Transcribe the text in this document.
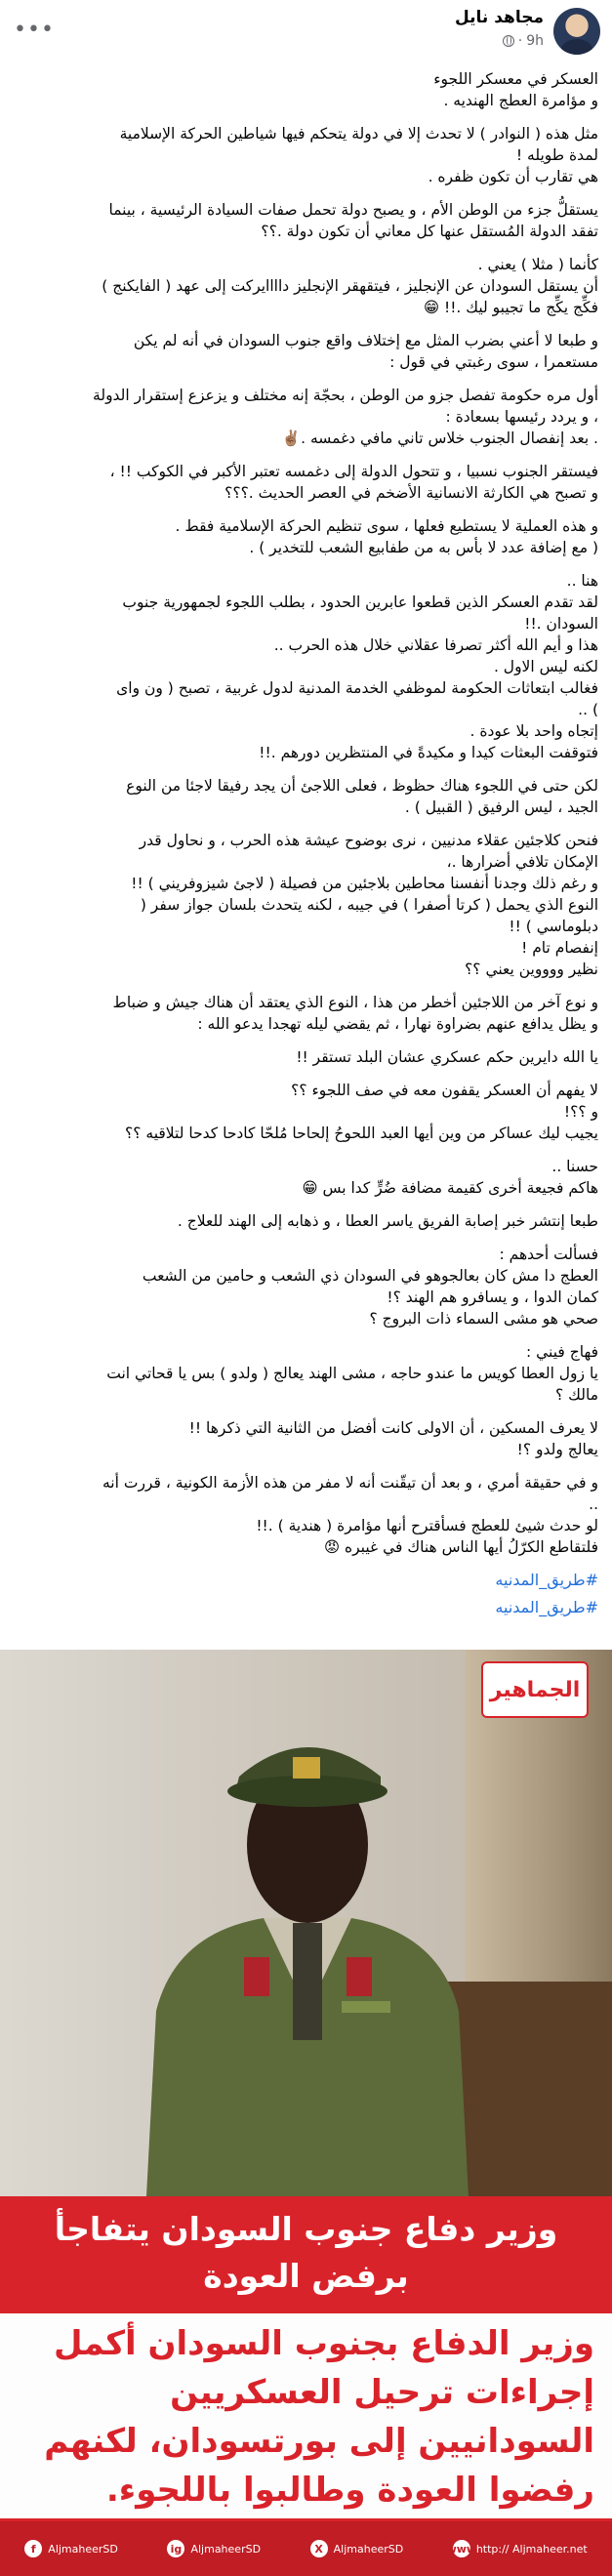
مجاهد نايل
9h
·
•••
العسكر في معسكر اللجوء
و مؤامرة العطج الهنديه .
مثل هذه ( النوادر ) لا تحدث إلا في دولة يتحكم فيها شياطين الحركة الإسلامية
لمدة طويله !
هي تقارب أن تكون ظفره .
يستقلُّ جزء من الوطن الأم ، و يصبح دولة تحمل صفات السيادة الرئيسية ، بينما
تفقد الدولة المُستقل عنها كل معاني أن تكون دولة .؟؟
كأنما ( مثلا ) يعني .
أن يستقل السودان عن الإنجليز ، فيتقهقر الإنجليز داااايركت إلى عهد ( الفايكنج )
فكِّج يكِّج ما تجيبو ليك .!! 😁
و طبعا لا أعني بضرب المثل مع إختلاف واقع جنوب السودان في أنه لم يكن
مستعمرا ، سوى رغبتي في قول :
أول مره حكومة تفصل جزو من الوطن ، بحجّة إنه مختلف و يزعزع إستقرار الدولة
، و يردد رئيسها بسعادة :
. بعد إنفصال الجنوب خلاس تاني مافي دغمسه .✌🏽
فيستقر الجنوب نسبيا ، و تتحول الدولة إلى دغمسه تعتبر الأكبر في الكوكب !! ،
و تصبح هي الكارثة الانسانية الأضخم في العصر الحديث .؟؟؟
و هذه العملية لا يستطيع فعلها ، سوى تنظيم الحركة الإسلامية فقط .
( مع إضافة عدد لا بأس به من طفابيع الشعب للتخدير ) .
هنا ..
لقد تقدم العسكر الذين قطعوا عابرين الحدود ، بطلب اللجوء لجمهورية جنوب
السودان .!!
هذا و أيم الله أكثر تصرفا عقلاني خلال هذه الحرب ..
لكنه ليس الاول .
فغالب ابتعاثات الحكومة لموظفي الخدمة المدنية لدول غربية ، تصبح ( ون واى
) ..
إتجاه واحد بلا عودة .
فتوقفت البعثات كيدا و مكيدةً في المنتظرين دورهم .!!
لكن حتى في اللجوء هناك حظوظ ، فعلى اللاجئ أن يجد رفيقا لاجئا من النوع
الجيد ، ليس الرفيق ( القبيل ) .
فنحن كلاجئين عقلاء مدنيين ، نرى بوضوح عيشة هذه الحرب ، و نحاول قدر
الإمكان تلافي أضرارها .،
و رغم ذلك وجدنا أنفسنا محاطين بلاجئين من فصيلة ( لاجئ شيزوفريني ) !!
النوع الذي يحمل ( كرتا أصفرا ) في جيبه ، لكنه يتحدث بلسان جواز سفر (
دبلوماسي ) !!
إنفصام تام !
نظير ووووين يعني ؟؟
و نوع آخر من اللاجئين أخطر من هذا ، النوع الذي يعتقد أن هناك جيش و ضباط
و يظل يدافع عنهم بضراوة نهارا ، ثم يقضي ليله تهجدا يدعو الله :
يا الله دايرين حكم عسكري عشان البلد تستقر !!
لا يفهم أن العسكر يقفون معه في صف اللجوء ؟؟
و ؟؟!
يجيب ليك عساكر من وين أيها العبد اللحوحُ إلحاحا مُلحّا كادحا كدحا لتلاقيه ؟؟
حسنا ..
هاكم فجيعة أخرى كقيمة مضافة ضُرٍّ كدا بس 😁
طبعا إنتشر خبر إصابة الفريق ياسر العطا ، و ذهابه إلى الهند للعلاج .
فسألت أحدهم :
العطج دا مش كان بعالجوهو في السودان ذي الشعب و حامين من الشعب
كمان الدوا ، و يسافرو هم الهند ؟!
صحي هو مشى السماء ذات البروج ؟
فهاج فيني :
يا زول العطا كويس ما عندو حاجه ، مشى الهند يعالج ( ولدو ) بس يا قحاتي انت
مالك ؟
لا يعرف المسكين ، أن الاولى كانت أفضل من الثانية التي ذكرها !!
يعالج ولدو ؟!
و في حقيقة أمري ، و بعد أن تيقّنت أنه لا مفر من هذه الأزمة الكونية ، قررت أنه
..
لو حدث شيئ للعطج فسأقترح أنها مؤامرة ( هندية ) .!!
فلتقاطع الكرّلُ أيها الناس هناك في غيبره 😡
#طريق_المدنيه
#طريق_المدنيه
الجماهير
وزير دفاع جنوب السودان يتفاجأ برفض العودة
وزير الدفاع بجنوب السودان أكمل إجراءات ترحيل العسكريين السودانيين إلى بورتسودان، لكنهم رفضوا العودة وطالبوا باللجوء.
f	AljmaheerSD	ig AljmaheerSD	X AljmaheerSD	www http:// Aljmaheer.net
